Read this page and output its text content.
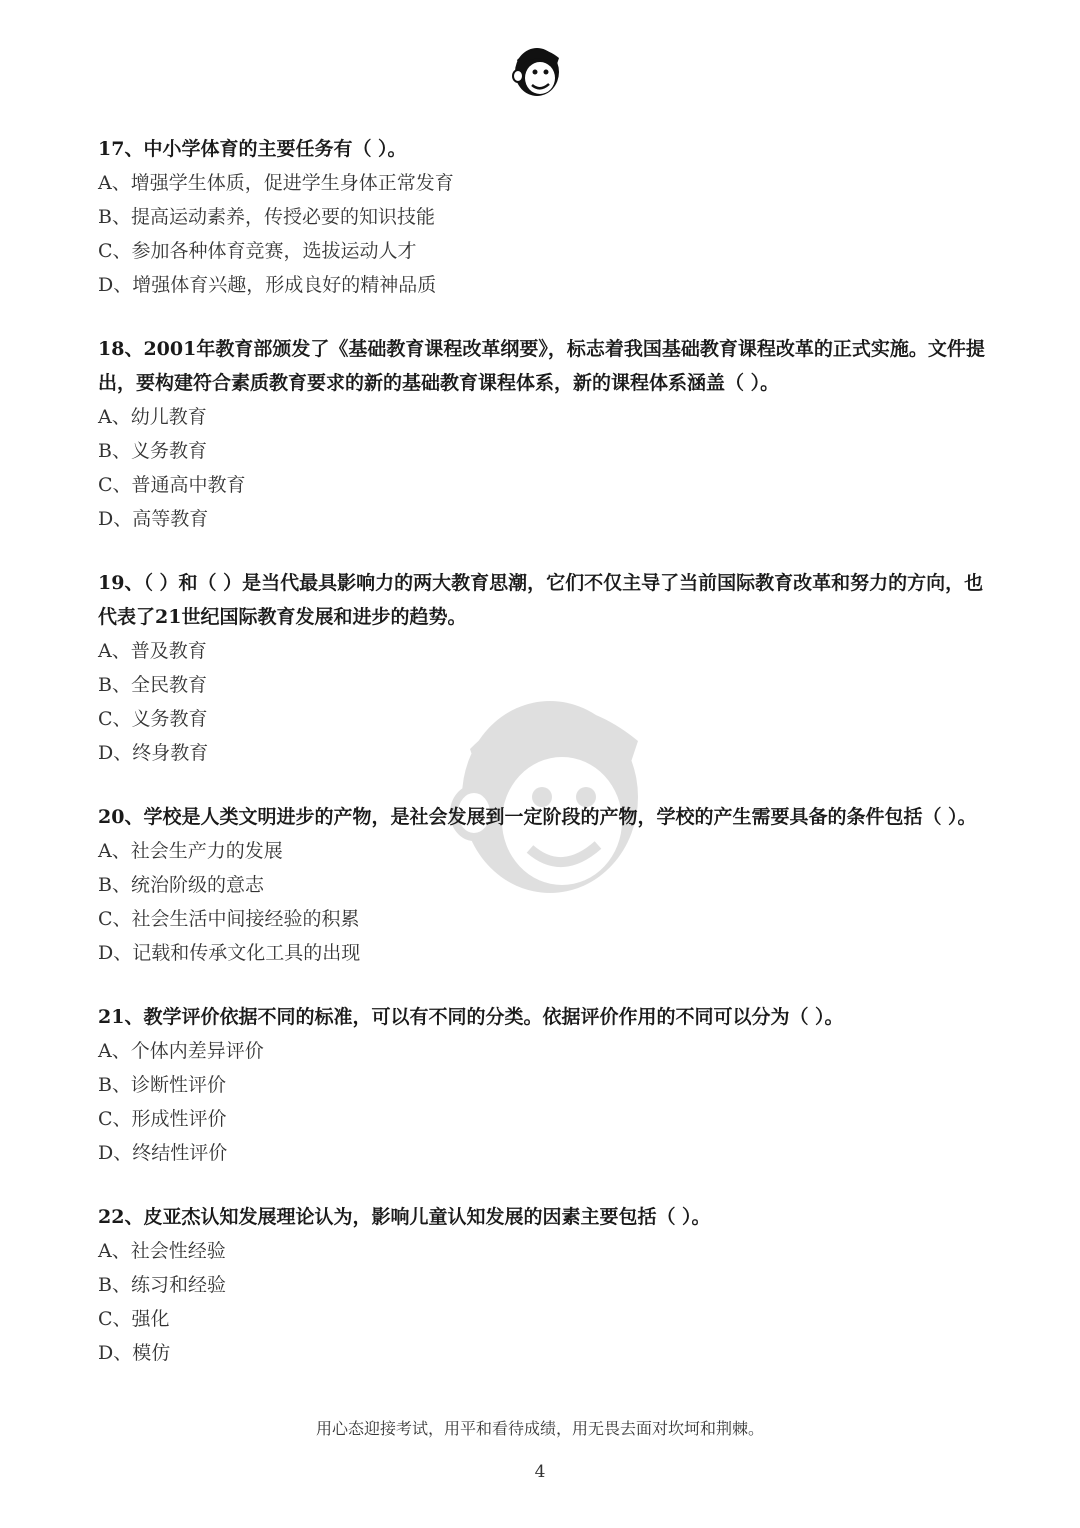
17、中小学体育的主要任务有（ ）。

A、增强学生体质，促进学生身体正常发育

B、提高运动素养，传授必要的知识技能

C、参加各种体育竞赛，选拔运动人才

D、增强体育兴趣，形成良好的精神品质

18、2001年教育部颁发了《基础教育课程改革纲要》，标志着我国基础教育课程改革的正式实施。文件提出，要构建符合素质教育要求的新的基础教育课程体系，新的课程体系涵盖（ ）。

A、幼儿教育

B、义务教育

C、普通高中教育

D、高等教育

19、（ ）和（ ）是当代最具影响力的两大教育思潮，它们不仅主导了当前国际教育改革和努力的方向，也代表了21世纪国际教育发展和进步的趋势。

A、普及教育

B、全民教育

C、义务教育

D、终身教育

20、学校是人类文明进步的产物，是社会发展到一定阶段的产物，学校的产生需要具备的条件包括（ ）。

A、社会生产力的发展

B、统治阶级的意志

C、社会生活中间接经验的积累

D、记载和传承文化工具的出现

21、教学评价依据不同的标准，可以有不同的分类。依据评价作用的不同可以分为（ ）。

A、个体内差异评价

B、诊断性评价

C、形成性评价

D、终结性评价

22、皮亚杰认知发展理论认为，影响儿童认知发展的因素主要包括（ ）。

A、社会性经验

B、练习和经验

C、强化

D、模仿

用心态迎接考试，用平和看待成绩，用无畏去面对坎坷和荆棘。
4
